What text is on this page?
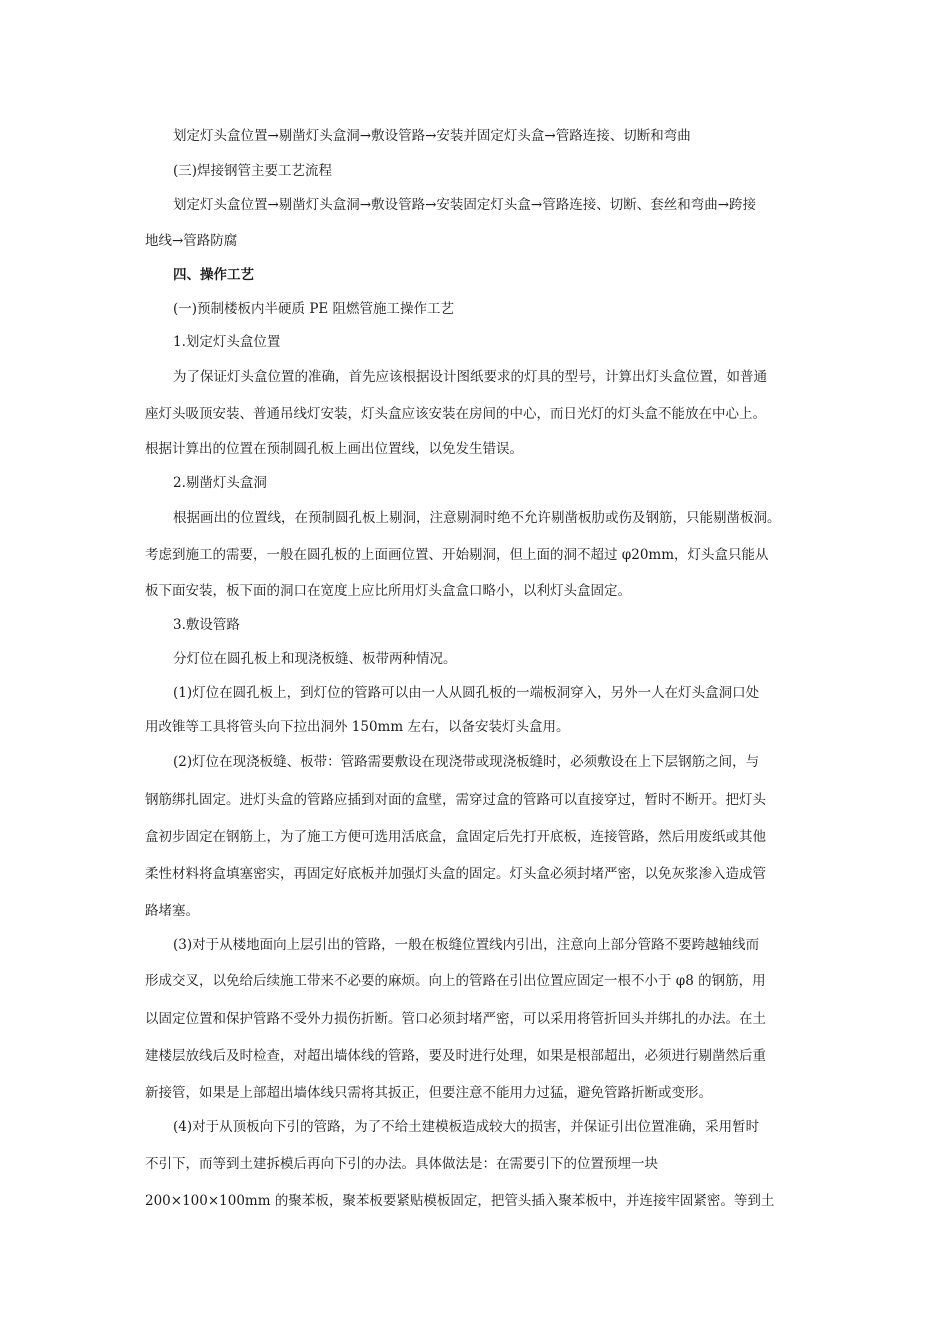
划定灯头盒位置→剔凿灯头盒洞→敷设管路→安装并固定灯头盒→管路连接、切断和弯曲
(三)焊接钢管主要工艺流程
划定灯头盒位置→剔凿灯头盒洞→敷设管路→安装固定灯头盒→管路连接、切断、套丝和弯曲→跨接
地线→管路防腐
四、操作工艺
(一)预制楼板内半硬质 PE 阻燃管施工操作工艺
1.划定灯头盒位置
为了保证灯头盒位置的准确，首先应该根据设计图纸要求的灯具的型号，计算出灯头盒位置，如普通
座灯头吸顶安装、普通吊线灯安装，灯头盒应该安装在房间的中心，而日光灯的灯头盒不能放在中心上。
根据计算出的位置在预制圆孔板上画出位置线，以免发生错误。
2.剔凿灯头盒洞
根据画出的位置线，在预制圆孔板上剔洞，注意剔洞时绝不允许剔凿板肋或伤及钢筋，只能剔凿板洞。
考虑到施工的需要，一般在圆孔板的上面画位置、开始剔洞，但上面的洞不超过 φ20mm，灯头盒只能从
板下面安装，板下面的洞口在宽度上应比所用灯头盒盒口略小，以利灯头盒固定。
3.敷设管路
分灯位在圆孔板上和现浇板缝、板带两种情况。
(1)灯位在圆孔板上，到灯位的管路可以由一人从圆孔板的一端板洞穿入，另外一人在灯头盒洞口处
用改锥等工具将管头向下拉出洞外 150mm 左右，以备安装灯头盒用。
(2)灯位在现浇板缝、板带：管路需要敷设在现浇带或现浇板缝时，必须敷设在上下层钢筋之间，与
钢筋绑扎固定。进灯头盒的管路应插到对面的盒壁，需穿过盒的管路可以直接穿过，暂时不断开。把灯头
盒初步固定在钢筋上，为了施工方便可选用活底盒，盒固定后先打开底板，连接管路，然后用废纸或其他
柔性材料将盒填塞密实，再固定好底板并加强灯头盒的固定。灯头盒必须封堵严密，以免灰浆渗入造成管
路堵塞。
(3)对于从楼地面向上层引出的管路，一般在板缝位置线内引出，注意向上部分管路不要跨越轴线而
形成交叉，以免给后续施工带来不必要的麻烦。向上的管路在引出位置应固定一根不小于 φ8 的钢筋，用
以固定位置和保护管路不受外力损伤折断。管口必须封堵严密，可以采用将管折回头并绑扎的办法。在土
建楼层放线后及时检查，对超出墙体线的管路，要及时进行处理，如果是根部超出，必须进行剔凿然后重
新接管，如果是上部超出墙体线只需将其扳正，但要注意不能用力过猛，避免管路折断或变形。
(4)对于从顶板向下引的管路，为了不给土建模板造成较大的损害，并保证引出位置准确，采用暂时
不引下，而等到土建拆模后再向下引的办法。具体做法是：在需要引下的位置预埋一块
200×100×100mm 的聚苯板，聚苯板要紧贴模板固定，把管头插入聚苯板中，并连接牢固紧密。等到土
